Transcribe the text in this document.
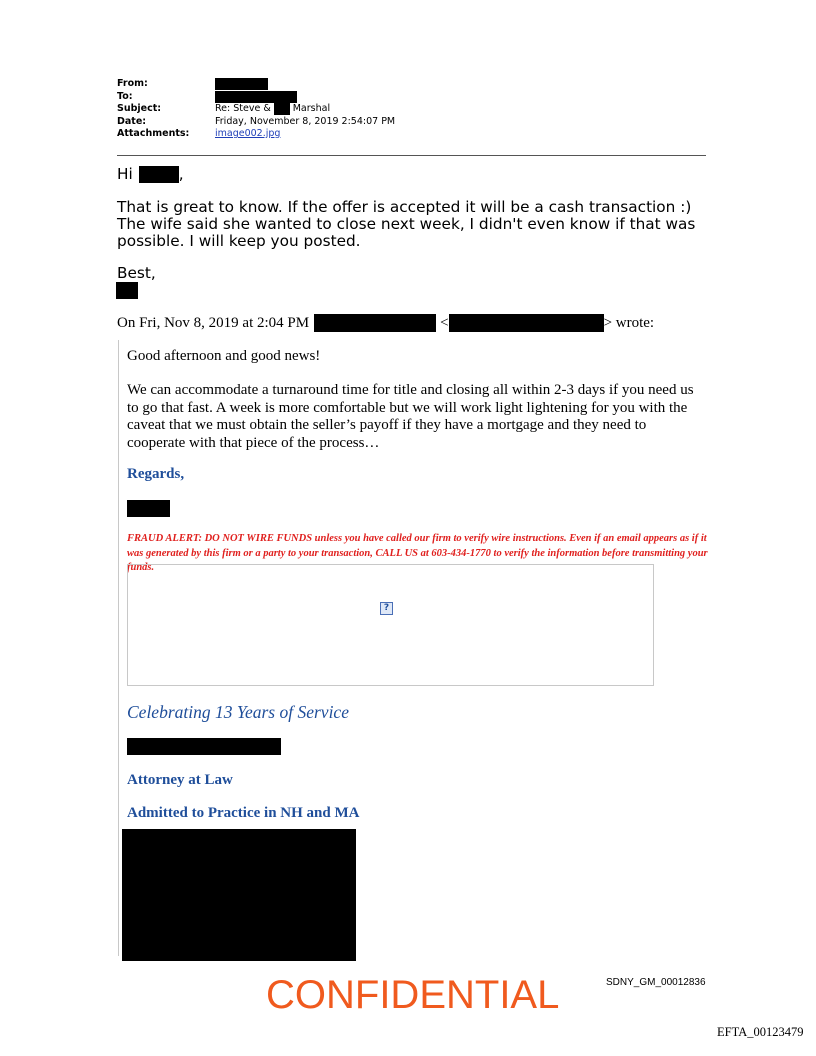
From:
To:
Subject:	Re: Steve & Marshal
Date:	Friday, November 8, 2019 2:54:07 PM
Attachments:	image002.jpg
Hi	,
That is great to know. If the offer is accepted it will be a cash transaction :) The wife said she wanted to close next week, I didn't even know if that was possible. I will keep you posted.
Best,
On Fri, Nov 8, 2019 at 2:04 PM	<	> wrote:
Good afternoon and good news!
We can accommodate a turnaround time for title and closing all within 2-3 days if you need us to go that fast. A week is more comfortable but we will work light lightening for you with the caveat that we must obtain the seller’s payoff if they have a mortgage and they need to cooperate with that piece of the process…
Regards,
FRAUD ALERT: DO NOT WIRE FUNDS unless you have called our firm to verify wire instructions. Even if an email appears as if it was generated by this firm or a party to your transaction, CALL US at 603-434-1770 to verify the information before transmitting your funds.
?
Celebrating 13 Years of Service
Attorney at Law
Admitted to Practice in NH and MA
CONFIDENTIAL	SDNY_GM_00012836
EFTA_00123479
